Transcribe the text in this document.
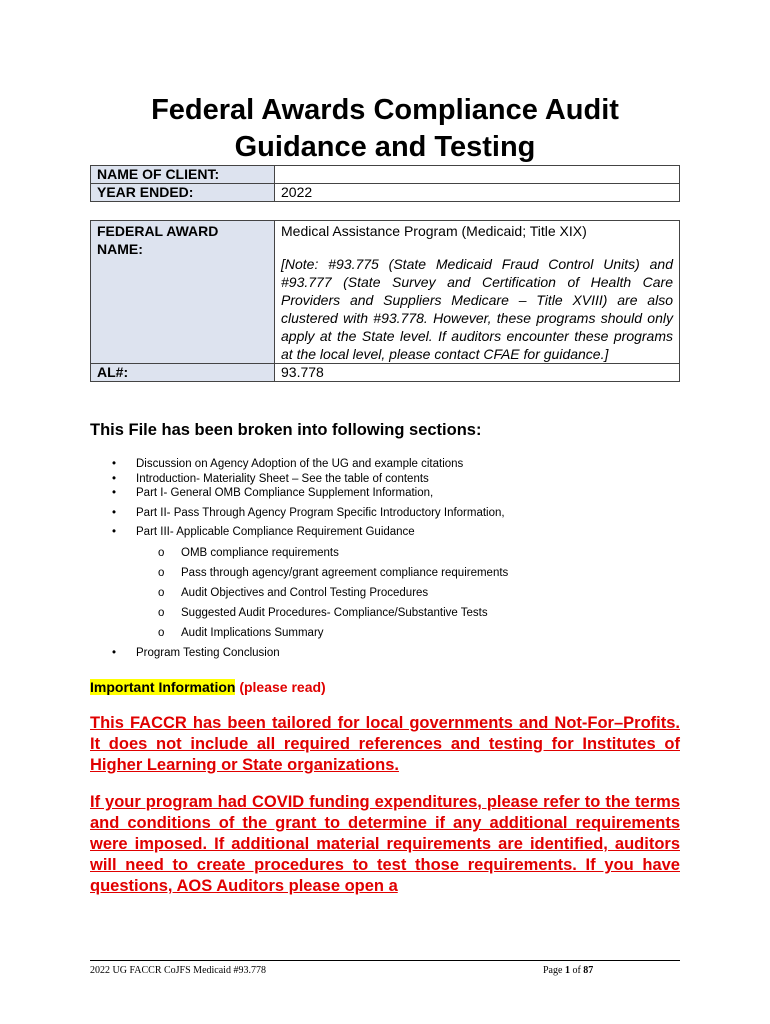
Federal Awards Compliance Audit
Guidance and Testing
NAME OF CLIENT:	
YEAR ENDED:	2022
FEDERAL AWARD NAME:	Medical Assistance Program (Medicaid; Title XIX)

[Note: #93.775 (State Medicaid Fraud Control Units) and #93.777 (State Survey and Certification of Health Care Providers and Suppliers Medicare – Title XVIII) are also clustered with #93.778. However, these programs should only apply at the State level. If auditors encounter these programs at the local level, please contact CFAE for guidance.]

AL#:	93.778
This File has been broken into following sections:
• Discussion on Agency Adoption of the UG and example citations
• Introduction- Materiality Sheet – See the table of contents
• Part I- General OMB Compliance Supplement Information,
• Part II- Pass Through Agency Program Specific Introductory Information,
• Part III- Applicable Compliance Requirement Guidance
o OMB compliance requirements
o Pass through agency/grant agreement compliance requirements
o Audit Objectives and Control Testing Procedures
o Suggested Audit Procedures- Compliance/Substantive Tests
o Audit Implications Summary
• Program Testing Conclusion
Important Information (please read)

This FACCR has been tailored for local governments and Not-For–Profits. It does not include all required references and testing for Institutes of Higher Learning or State organizations.

If your program had COVID funding expenditures, please refer to the terms and conditions of the grant to determine if any additional requirements were imposed. If additional material requirements are identified, auditors will need to create procedures to test those requirements. If you have questions, AOS Auditors please open a

2022 UG FACCR CoJFS Medicaid #93.778	Page 1 of 87
